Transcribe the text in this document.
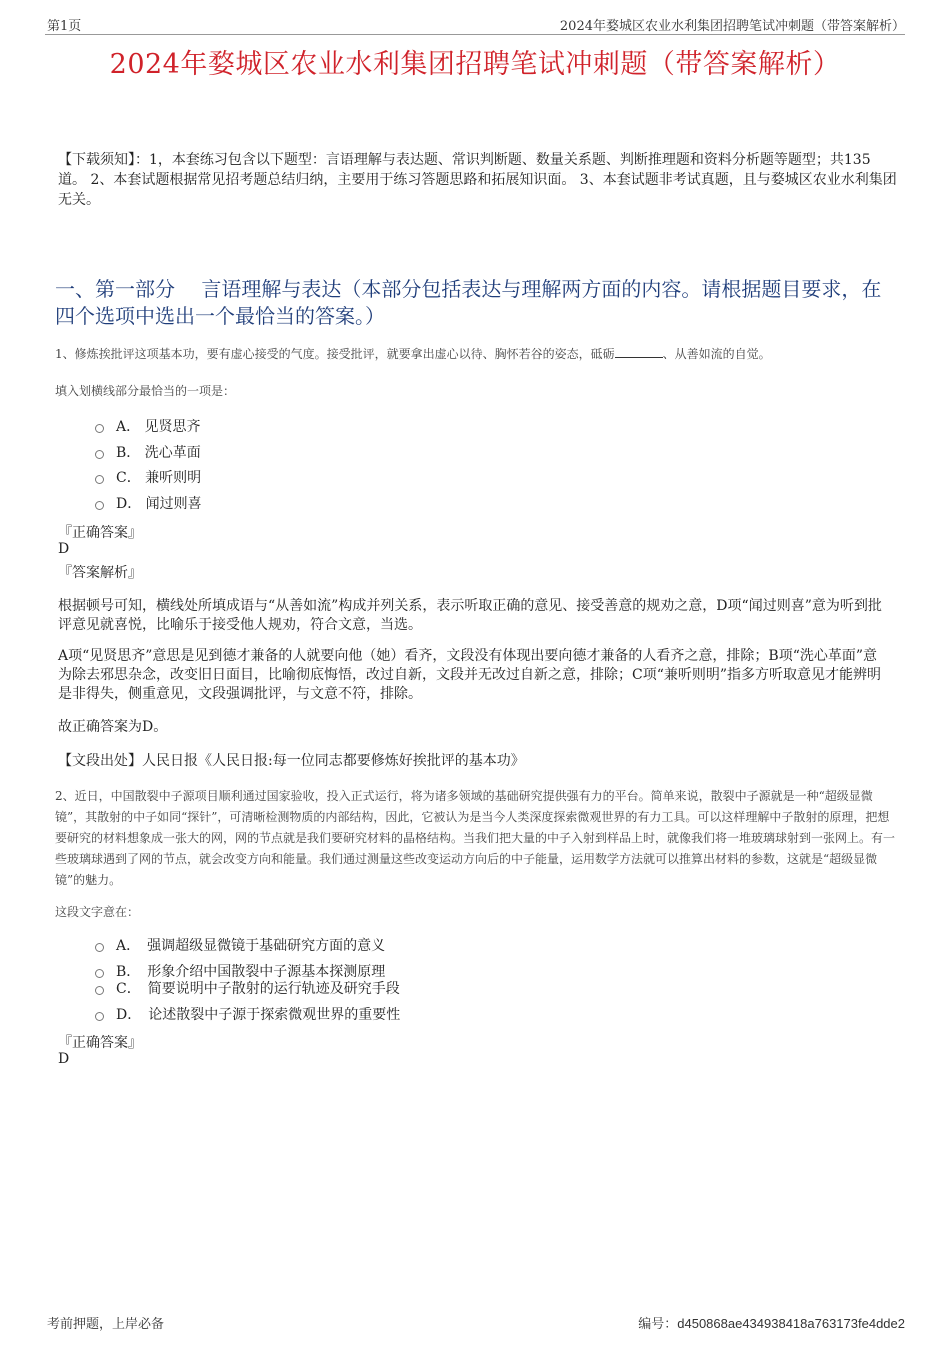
第1页	2024年婺城区农业水利集团招聘笔试冲刺题（带答案解析）
2024年婺城区农业水利集团招聘笔试冲刺题（带答案解析）
【下载须知】：1，本套练习包含以下题型：言语理解与表达题、常识判断题、数量关系题、判断推理题和资料分析题等题型；共135道。 2、本套试题根据常见招考题总结归纳，主要用于练习答题思路和拓展知识面。 3、本套试题非考试真题，且与婺城区农业水利集团无关。
一、第一部分　 言语理解与表达（本部分包括表达与理解两方面的内容。请根据题目要求，在四个选项中选出一个最恰当的答案。）
1、修炼挨批评这项基本功，要有虚心接受的气度。接受批评，就要拿出虚心以待、胸怀若谷的姿态，砥砺	、从善如流的自觉。
填入划横线部分最恰当的一项是：
A． 见贤思齐
B． 洗心革面
C． 兼听则明
D． 闻过则喜
『正确答案』
D
『答案解析』
根据顿号可知，横线处所填成语与“从善如流”构成并列关系，表示听取正确的意见、接受善意的规劝之意，D项“闻过则喜”意为听到批评意见就喜悦，比喻乐于接受他人规劝，符合文意，当选。
A项“见贤思齐”意思是见到德才兼备的人就要向他（她）看齐，文段没有体现出要向德才兼备的人看齐之意，排除；B项“洗心革面”意为除去邪思杂念，改变旧日面目，比喻彻底悔悟，改过自新，文段并无改过自新之意，排除；C项“兼听则明”指多方听取意见才能辨明是非得失，侧重意见，文段强调批评，与文意不符，排除。
故正确答案为D。
【文段出处】人民日报《人民日报:每一位同志都要修炼好挨批评的基本功》
2、近日，中国散裂中子源项目顺利通过国家验收，投入正式运行，将为诸多领域的基础研究提供强有力的平台。简单来说，散裂中子源就是一种“超级显微镜”，其散射的中子如同“探针”，可清晰检测物质的内部结构，因此，它被认为是当今人类深度探索微观世界的有力工具。可以这样理解中子散射的原理，把想要研究的材料想象成一张大的网，网的节点就是我们要研究材料的晶格结构。当我们把大量的中子入射到样品上时，就像我们将一堆玻璃球射到一张网上。有一些玻璃球遇到了网的节点，就会改变方向和能量。我们通过测量这些改变运动方向后的中子能量，运用数学方法就可以推算出材料的参数，这就是“超级显微镜”的魅力。
这段文字意在：
A．　强调超级显微镜于基础研究方面的意义
B．　形象介绍中国散裂中子源基本探测原理
C．　简要说明中子散射的运行轨迹及研究手段
D．　论述散裂中子源于探索微观世界的重要性
『正确答案』
D
考前押题，上岸必备	编号：d450868ae434938418a763173fe4dde2
